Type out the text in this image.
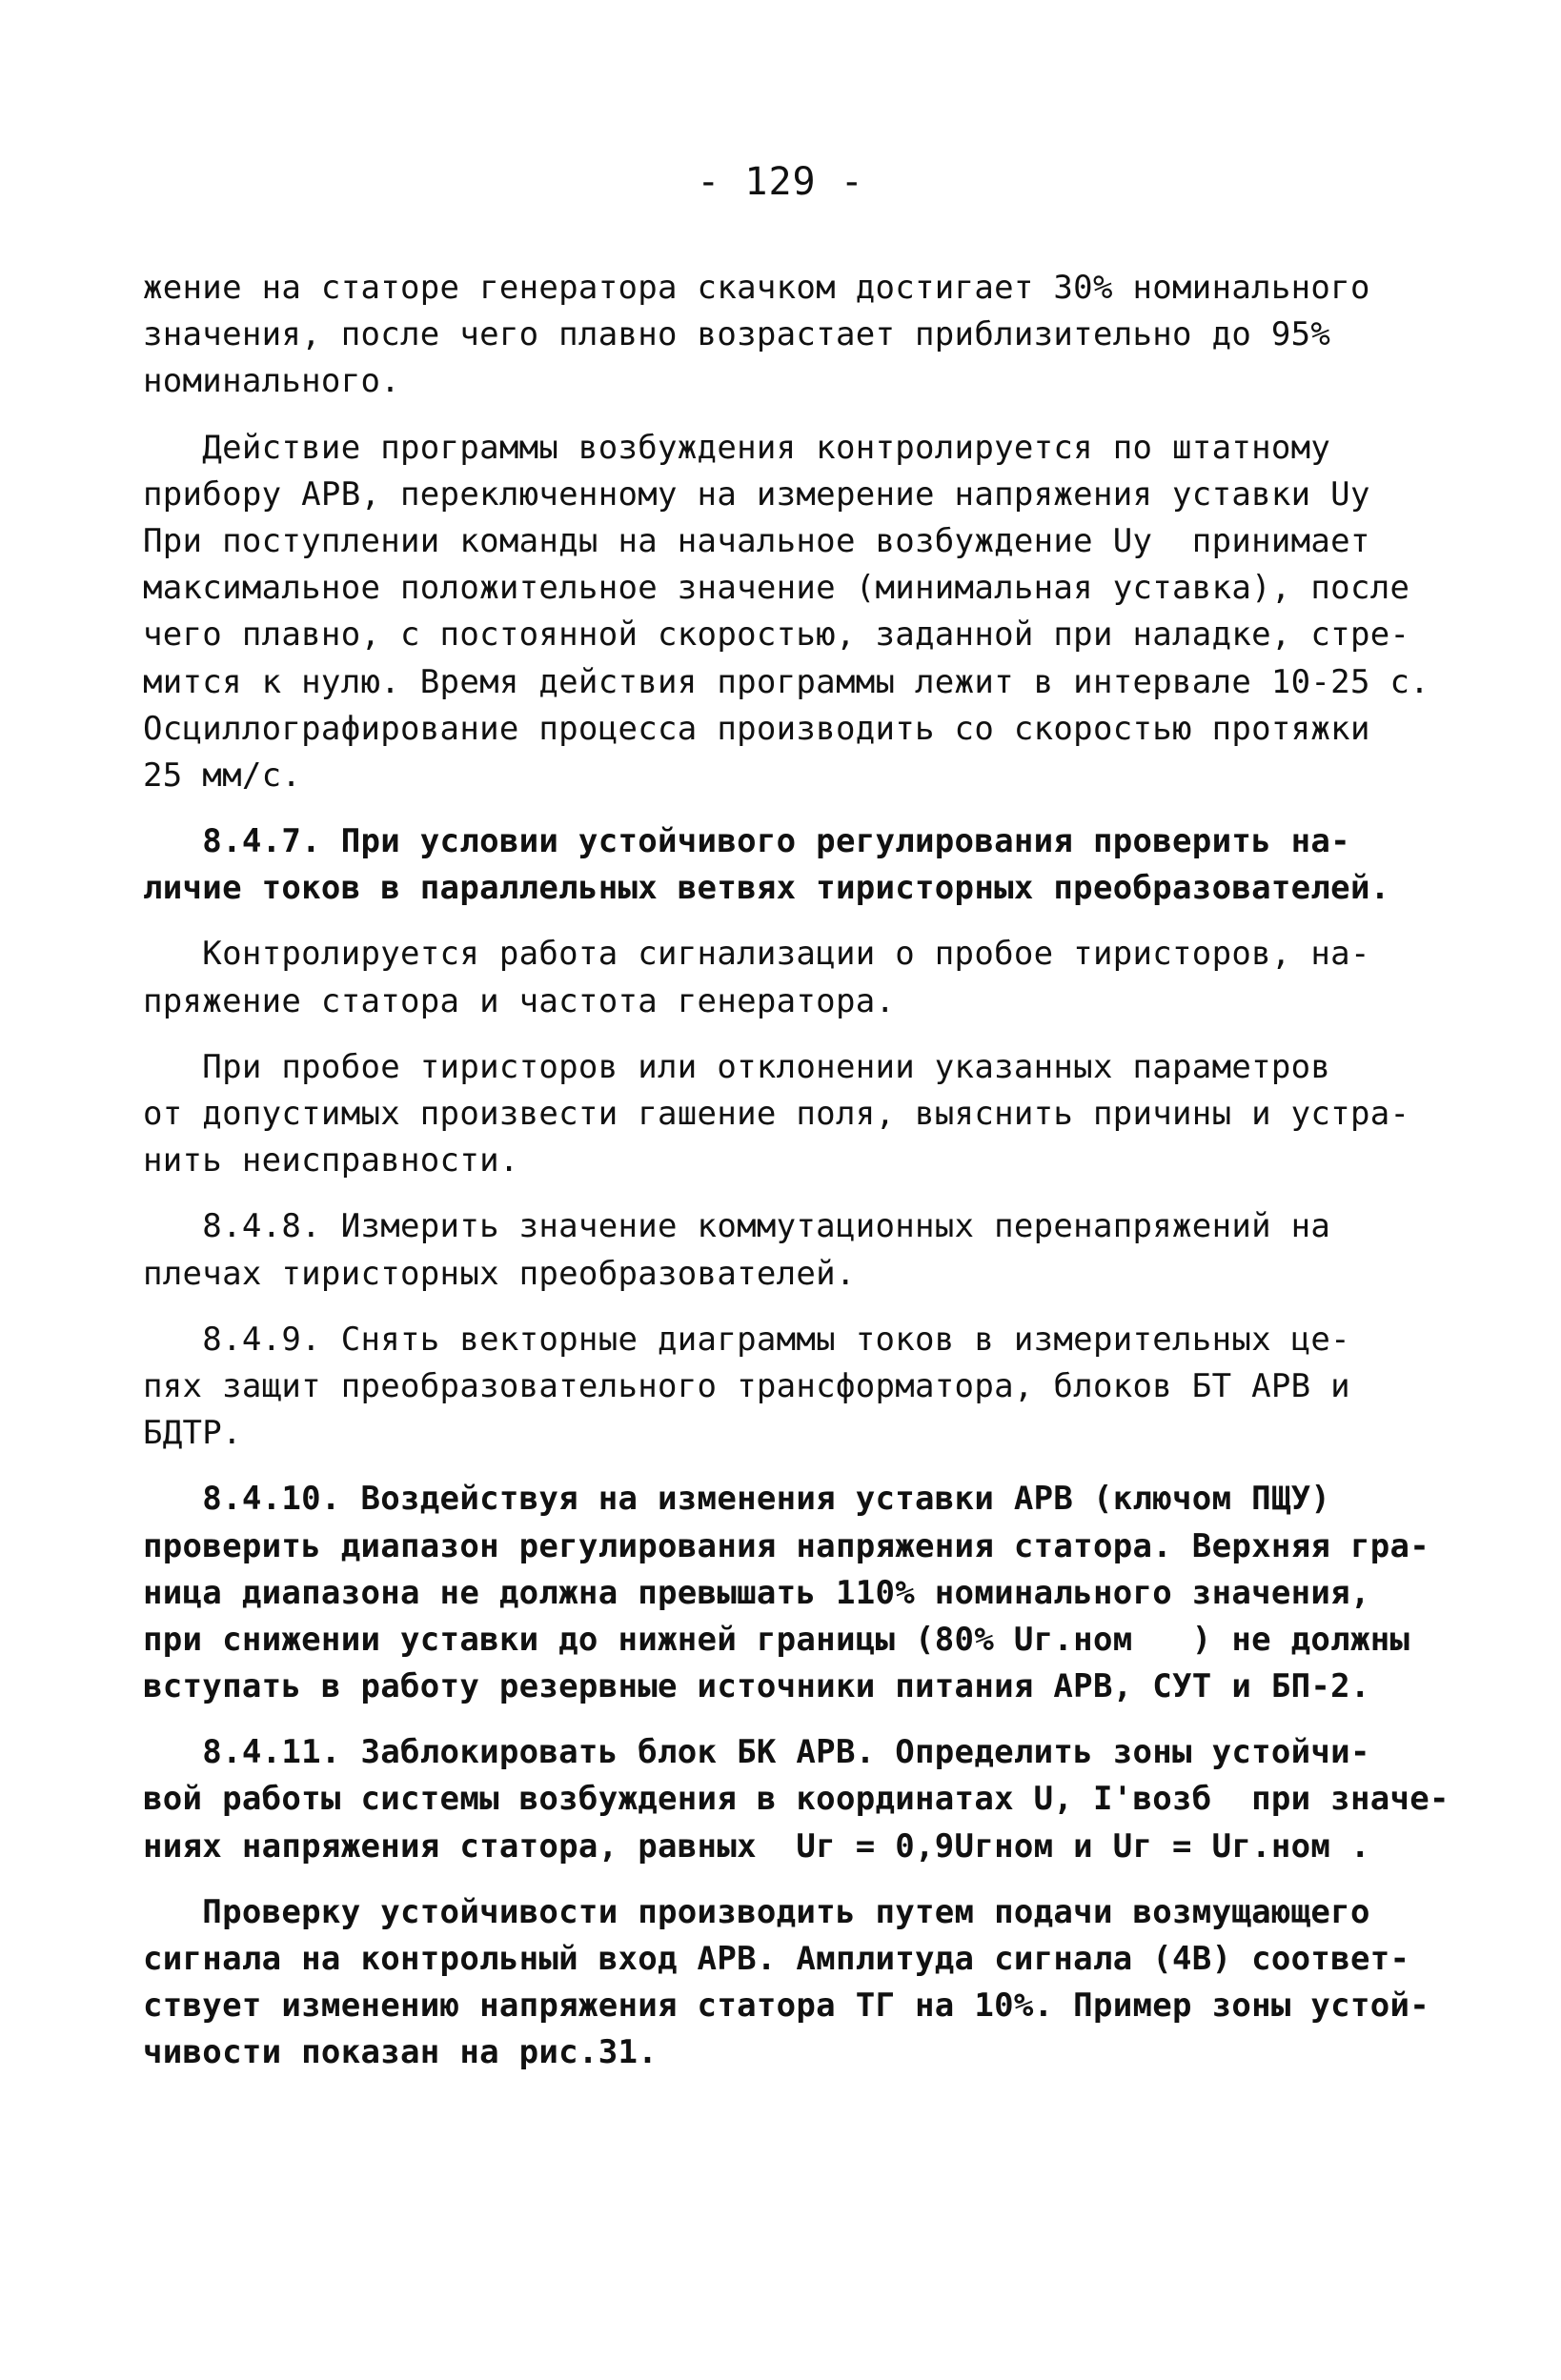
- 129 -
жение на статоре генератора скачком достигает 30% номинального
значения, после чего плавно возрастает приблизительно до 95%
номинального.
Действие программы возбуждения контролируется по штатному
прибору АРВ, переключенному на измерение напряжения уставки Uу
При поступлении команды на начальное возбуждение Uу  принимает
максимальное положительное значение (минимальная уставка), после
чего плавно, с постоянной скоростью, заданной при наладке, стре-
мится к нулю. Время действия программы лежит в интервале 10-25 с.
Осциллографирование процесса производить со скоростью протяжки
25 мм/с.
8.4.7. При условии устойчивого регулирования проверить на-
личие токов в параллельных ветвях тиристорных преобразователей.
Контролируется работа сигнализации о пробое тиристоров, на-
пряжение статора и частота генератора.
При пробое тиристоров или отклонении указанных параметров
от допустимых произвести гашение поля, выяснить причины и устра-
нить неисправности.
8.4.8. Измерить значение коммутационных перенапряжений на
плечах тиристорных преобразователей.
8.4.9. Снять векторные диаграммы токов в измерительных це-
пях защит преобразовательного трансформатора, блоков БТ АРВ и
БДТР.
8.4.10. Воздействуя на изменения уставки АРВ (ключом ПЩУ)
проверить диапазон регулирования напряжения статора. Верхняя гра-
ница диапазона не должна превышать 110% номинального значения,
при снижении уставки до нижней границы (80% Uг.ном   ) не должны
вступать в работу резервные источники питания АРВ, СУТ и БП-2.
8.4.11. Заблокировать блок БК АРВ. Определить зоны устойчи-
вой работы системы возбуждения в координатах U, I'возб  при значе-
ниях напряжения статора, равных  Uг = 0,9Uгном и Uг = Uг.ном .
Проверку устойчивости производить путем подачи возмущающего
сигнала на контрольный вход АРВ. Амплитуда сигнала (4В) соответ-
ствует изменению напряжения статора ТГ на 10%. Пример зоны устой-
чивости показан на рис.31.
